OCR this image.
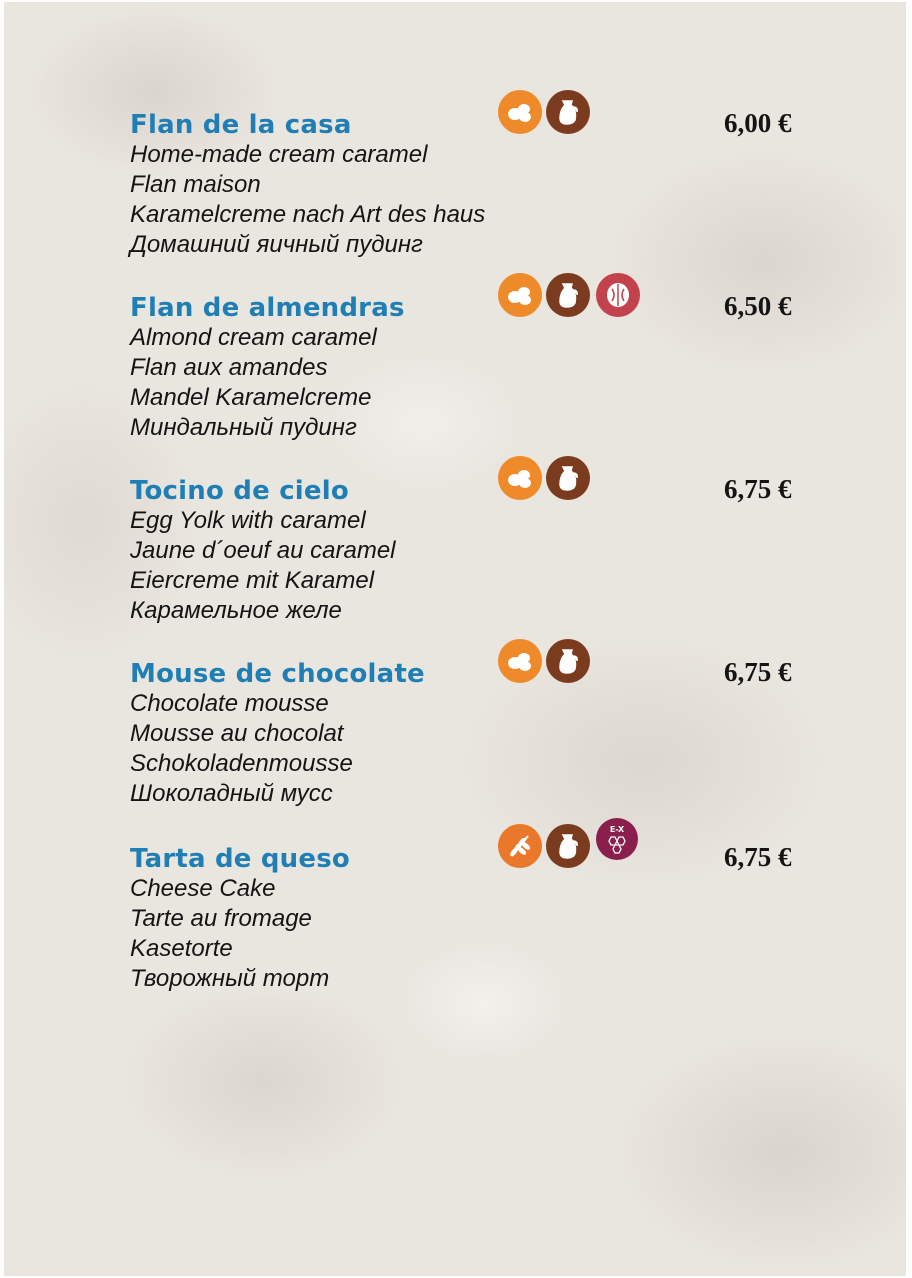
Flan de la casa
Home-made cream caramel
Flan maison
Karamelcreme nach Art des haus
Домашний яичный пудинг
6,00 €
Flan de almendras
Almond cream caramel
Flan aux amandes
Mandel Karamelcreme
Миндальный пудинг
6,50 €
Tocino de cielo
Egg Yolk with caramel
Jaune d´oeuf au caramel
Eiercreme mit Karamel
Карамельное желе
6,75 €
Mouse de chocolate
Chocolate mousse
Mousse au chocolat
Schokoladenmousse
Шоколадный мусс
6,75 €
Tarta de queso
Cheese Cake
Tarte au fromage
Kasetorte
Творожный торт
E-X
6,75 €
